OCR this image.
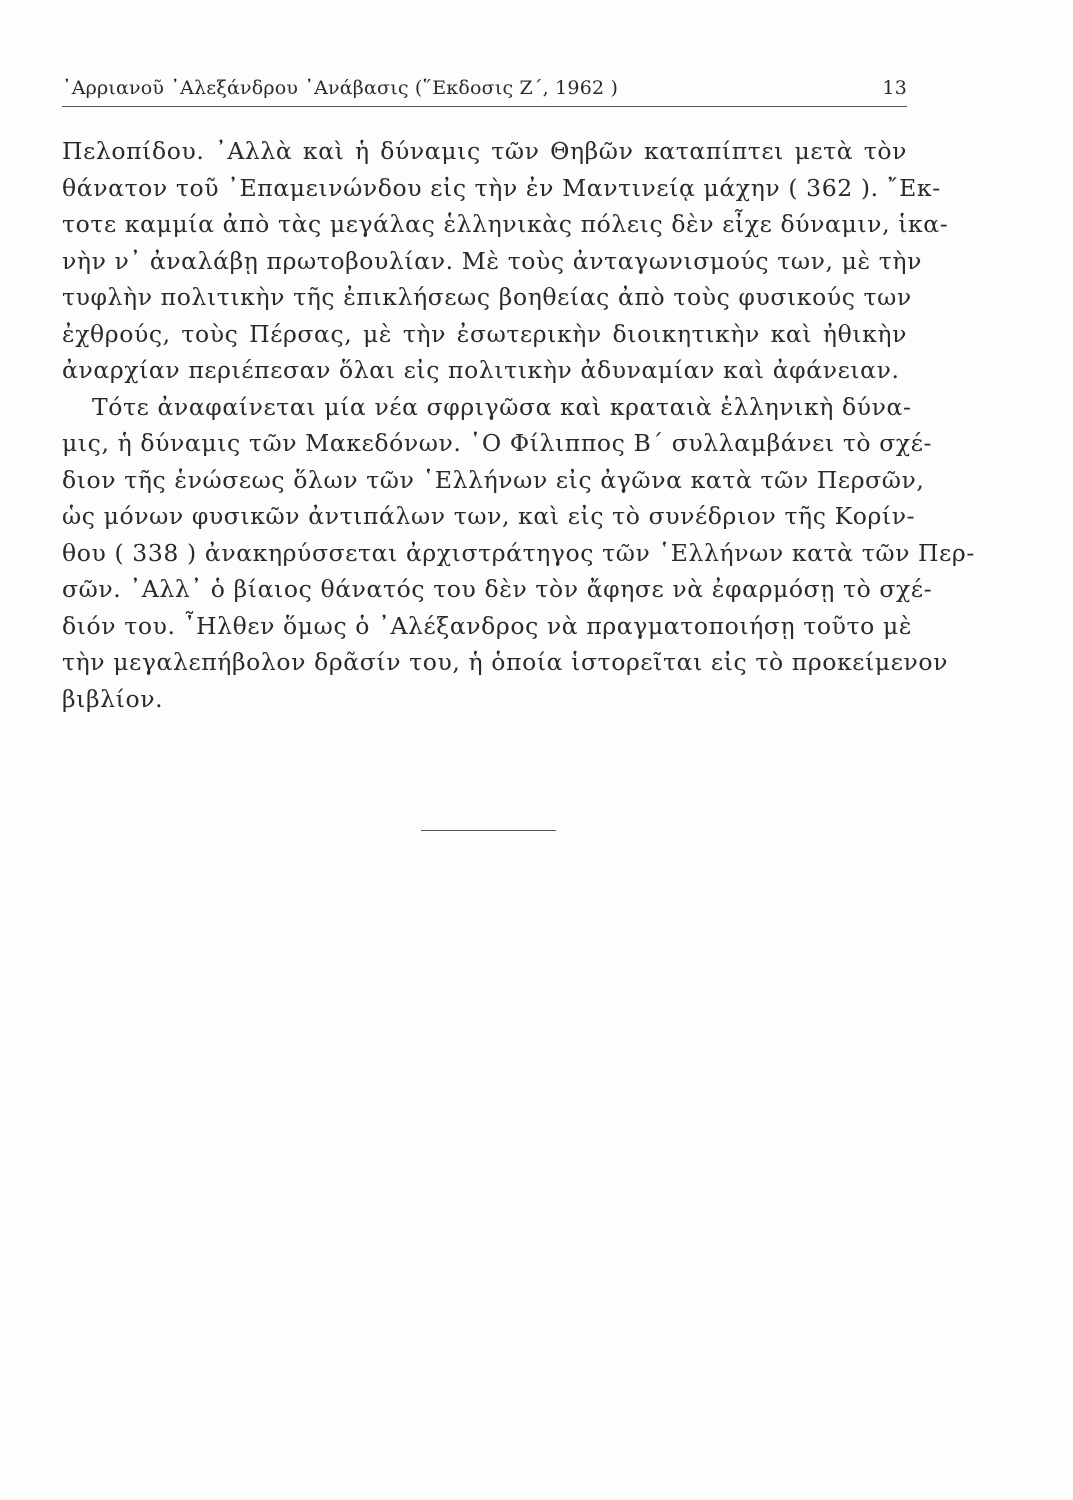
᾿Αρριανοῦ ᾿Αλεξάνδρου ᾿Ανάβασις (῞Εκδοσις Ζ΄, 1962 )	13
Πελοπίδου. ᾿Αλλὰ καὶ ἡ δύναμις τῶν Θηβῶν καταπίπτει μετὰ τὸν
θάνατον τοῦ ᾿Επαμεινώνδου εἰς τὴν ἐν Μαντινείᾳ μάχην ( 362 ). ῎Εκ-
τοτε καμμία ἀπὸ τὰς μεγάλας ἑλληνικὰς πόλεις δὲν εἶχε δύναμιν, ἱκα-
νὴν ν᾿ ἀναλάβῃ πρωτοβουλίαν. Μὲ τοὺς ἀνταγωνισμούς των, μὲ τὴν
τυφλὴν πολιτικὴν τῆς ἐπικλήσεως βοηθείας ἀπὸ τοὺς φυσικούς των
ἐχθρούς, τοὺς Πέρσας, μὲ τὴν ἐσωτερικὴν διοικητικὴν καὶ ἠθικὴν
ἀναρχίαν περιέπεσαν ὅλαι εἰς πολιτικὴν ἀδυναμίαν καὶ ἀφάνειαν.
Τότε ἀναφαίνεται μία νέα σφριγῶσα καὶ κραταιὰ ἑλληνικὴ δύνα-
μις, ἡ δύναμις τῶν Μακεδόνων. ῾Ο Φίλιππος Β΄ συλλαμβάνει τὸ σχέ-
διον τῆς ἑνώσεως ὅλων τῶν ῾Ελλήνων εἰς ἀγῶνα κατὰ τῶν Περσῶν,
ὡς μόνων φυσικῶν ἀντιπάλων των, καὶ εἰς τὸ συνέδριον τῆς Κορίν-
θου ( 338 ) ἀνακηρύσσεται ἀρχιστράτηγος τῶν ῾Ελλήνων κατὰ τῶν Περ-
σῶν. ᾿Αλλ᾿ ὁ βίαιος θάνατός του δὲν τὸν ἄφησε νὰ ἐφαρμόσῃ τὸ σχέ-
διόν του. ῏Ηλθεν ὅμως ὁ ᾿Αλέξανδρος νὰ πραγματοποιήσῃ τοῦτο μὲ
τὴν μεγαλεπήβολον δρᾶσίν του, ἡ ὁποία ἱστορεῖται εἰς τὸ προκείμενον
βιβλίον.
